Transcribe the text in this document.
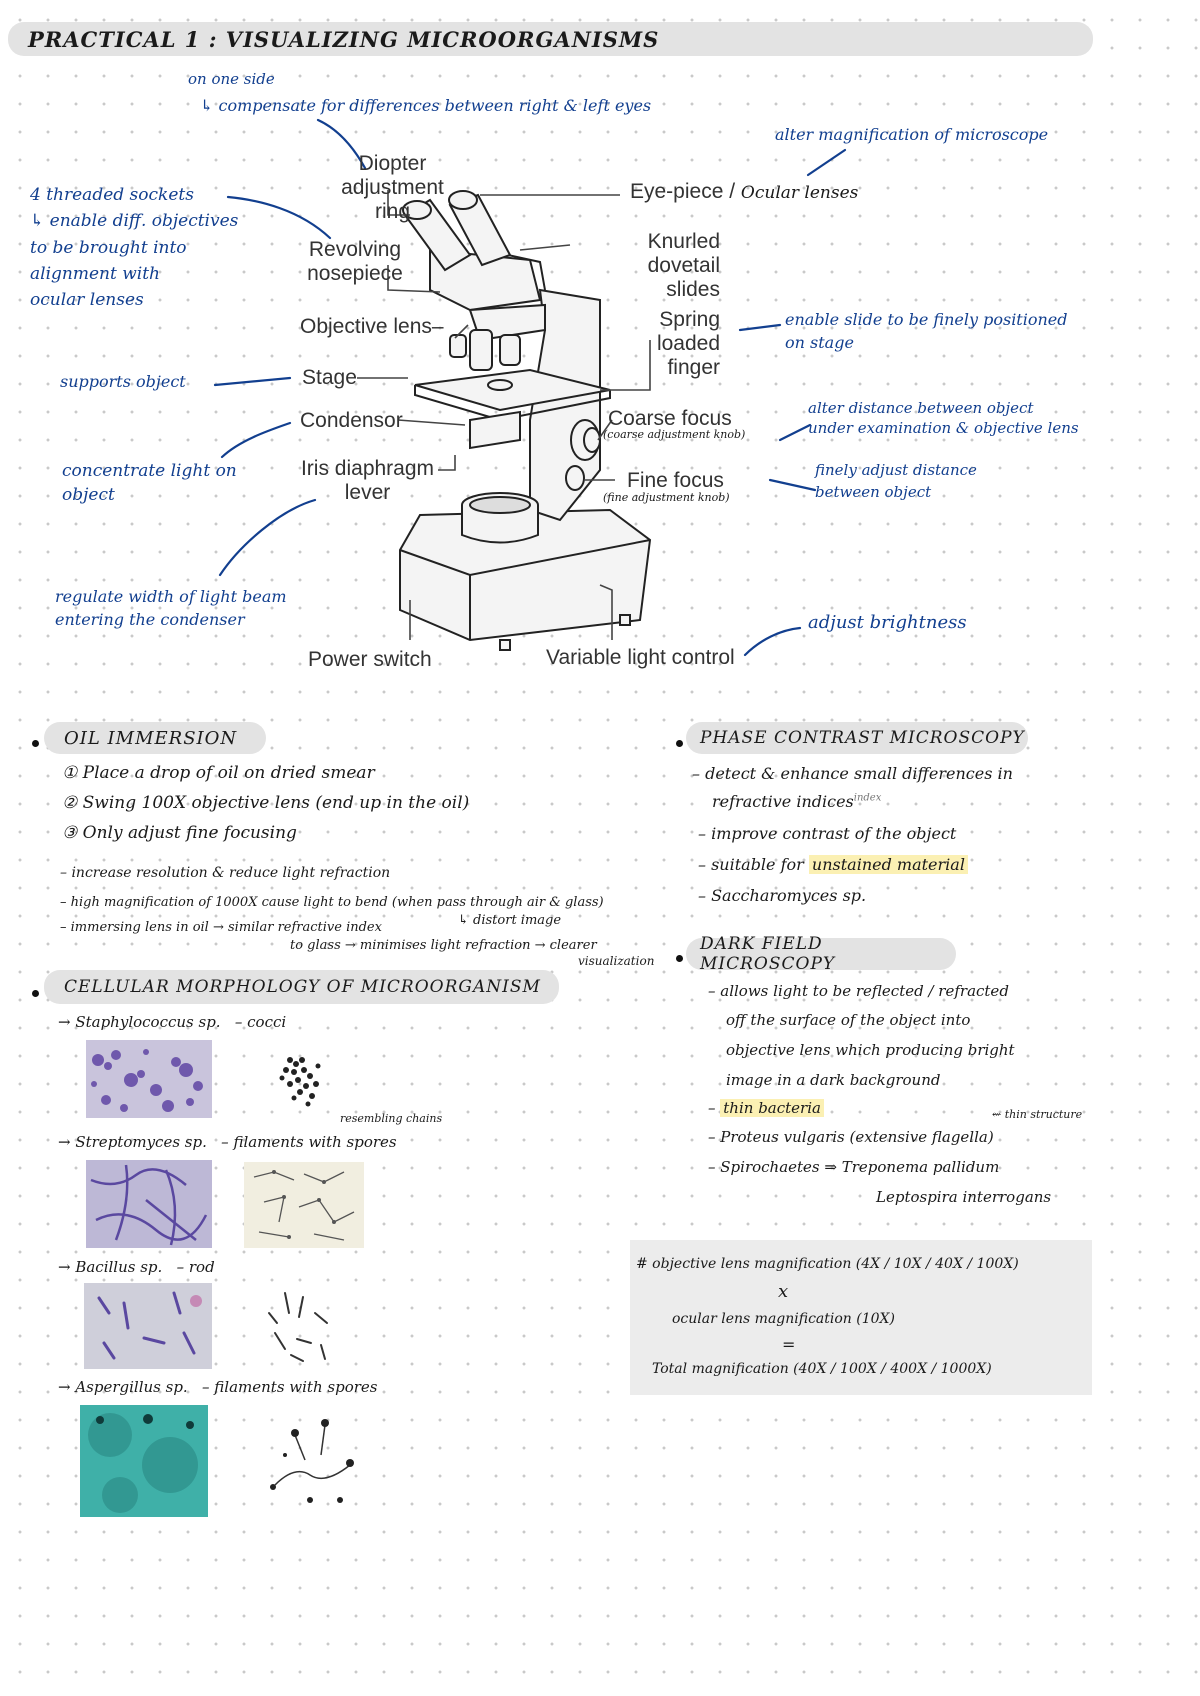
PRACTICAL 1 : VISUALIZING MICROORGANISMS
Diopter adjustment
ring
Eye-piece / Ocular lenses
Revolving
nosepiece
Knurled dovetail
slides
Objective lens–	Spring loaded
finger
Stage
Condensor	Coarse focus
Iris diaphragm
lever
Fine focus
Power switch	Variable light control
on one side
↳ compensate for differences between right & left eyes
alter magnification of microscope
4 threaded sockets
↳ enable diff. objectives
to be brought into
alignment with
ocular lenses
enable slide to be finely positioned
on stage
supports object
(coarse adjustment knob)
alter distance between object
under examination & objective lens
(fine adjustment knob)
finely adjust distance
between object
concentrate light on
object
regulate width of light beam
entering the condenser	adjust brightness
OIL IMMERSION
① Place a drop of oil on dried smear
② Swing 100X objective lens (end up in the oil)
③ Only adjust fine focusing
– increase resolution & reduce light refraction
– high magnification of 1000X cause light to bend (when pass through air & glass)
↳ distort image
– immersing lens in oil → similar refractive index
to glass → minimises light refraction → clearer
visualization
CELLULAR MORPHOLOGY OF MICROORGANISM
→ Staphylococcus sp. – cocci
resembling chains
→ Streptomyces sp. – filaments with spores
→ Bacillus sp. – rod
→ Aspergillus sp. – filaments with spores
PHASE CONTRAST MICROSCOPY
– detect & enhance small differences in
refractive indices$^{index}$
– improve contrast of the object
– suitable for unstained material
– Saccharomyces sp.
DARK FIELD MICROSCOPY
– allows light to be reflected / refracted
off the surface of the object into
objective lens which producing bright
image in a dark background
– thin bacteria	⇜ thin structure
– Proteus vulgaris (extensive flagella)
– Spirochaetes ⇒ Treponema pallidum
Leptospira interrogans
# objective lens magnification (4X / 10X / 40X / 100X)
x
ocular lens magnification (10X)
=
Total magnification (40X / 100X / 400X / 1000X)
